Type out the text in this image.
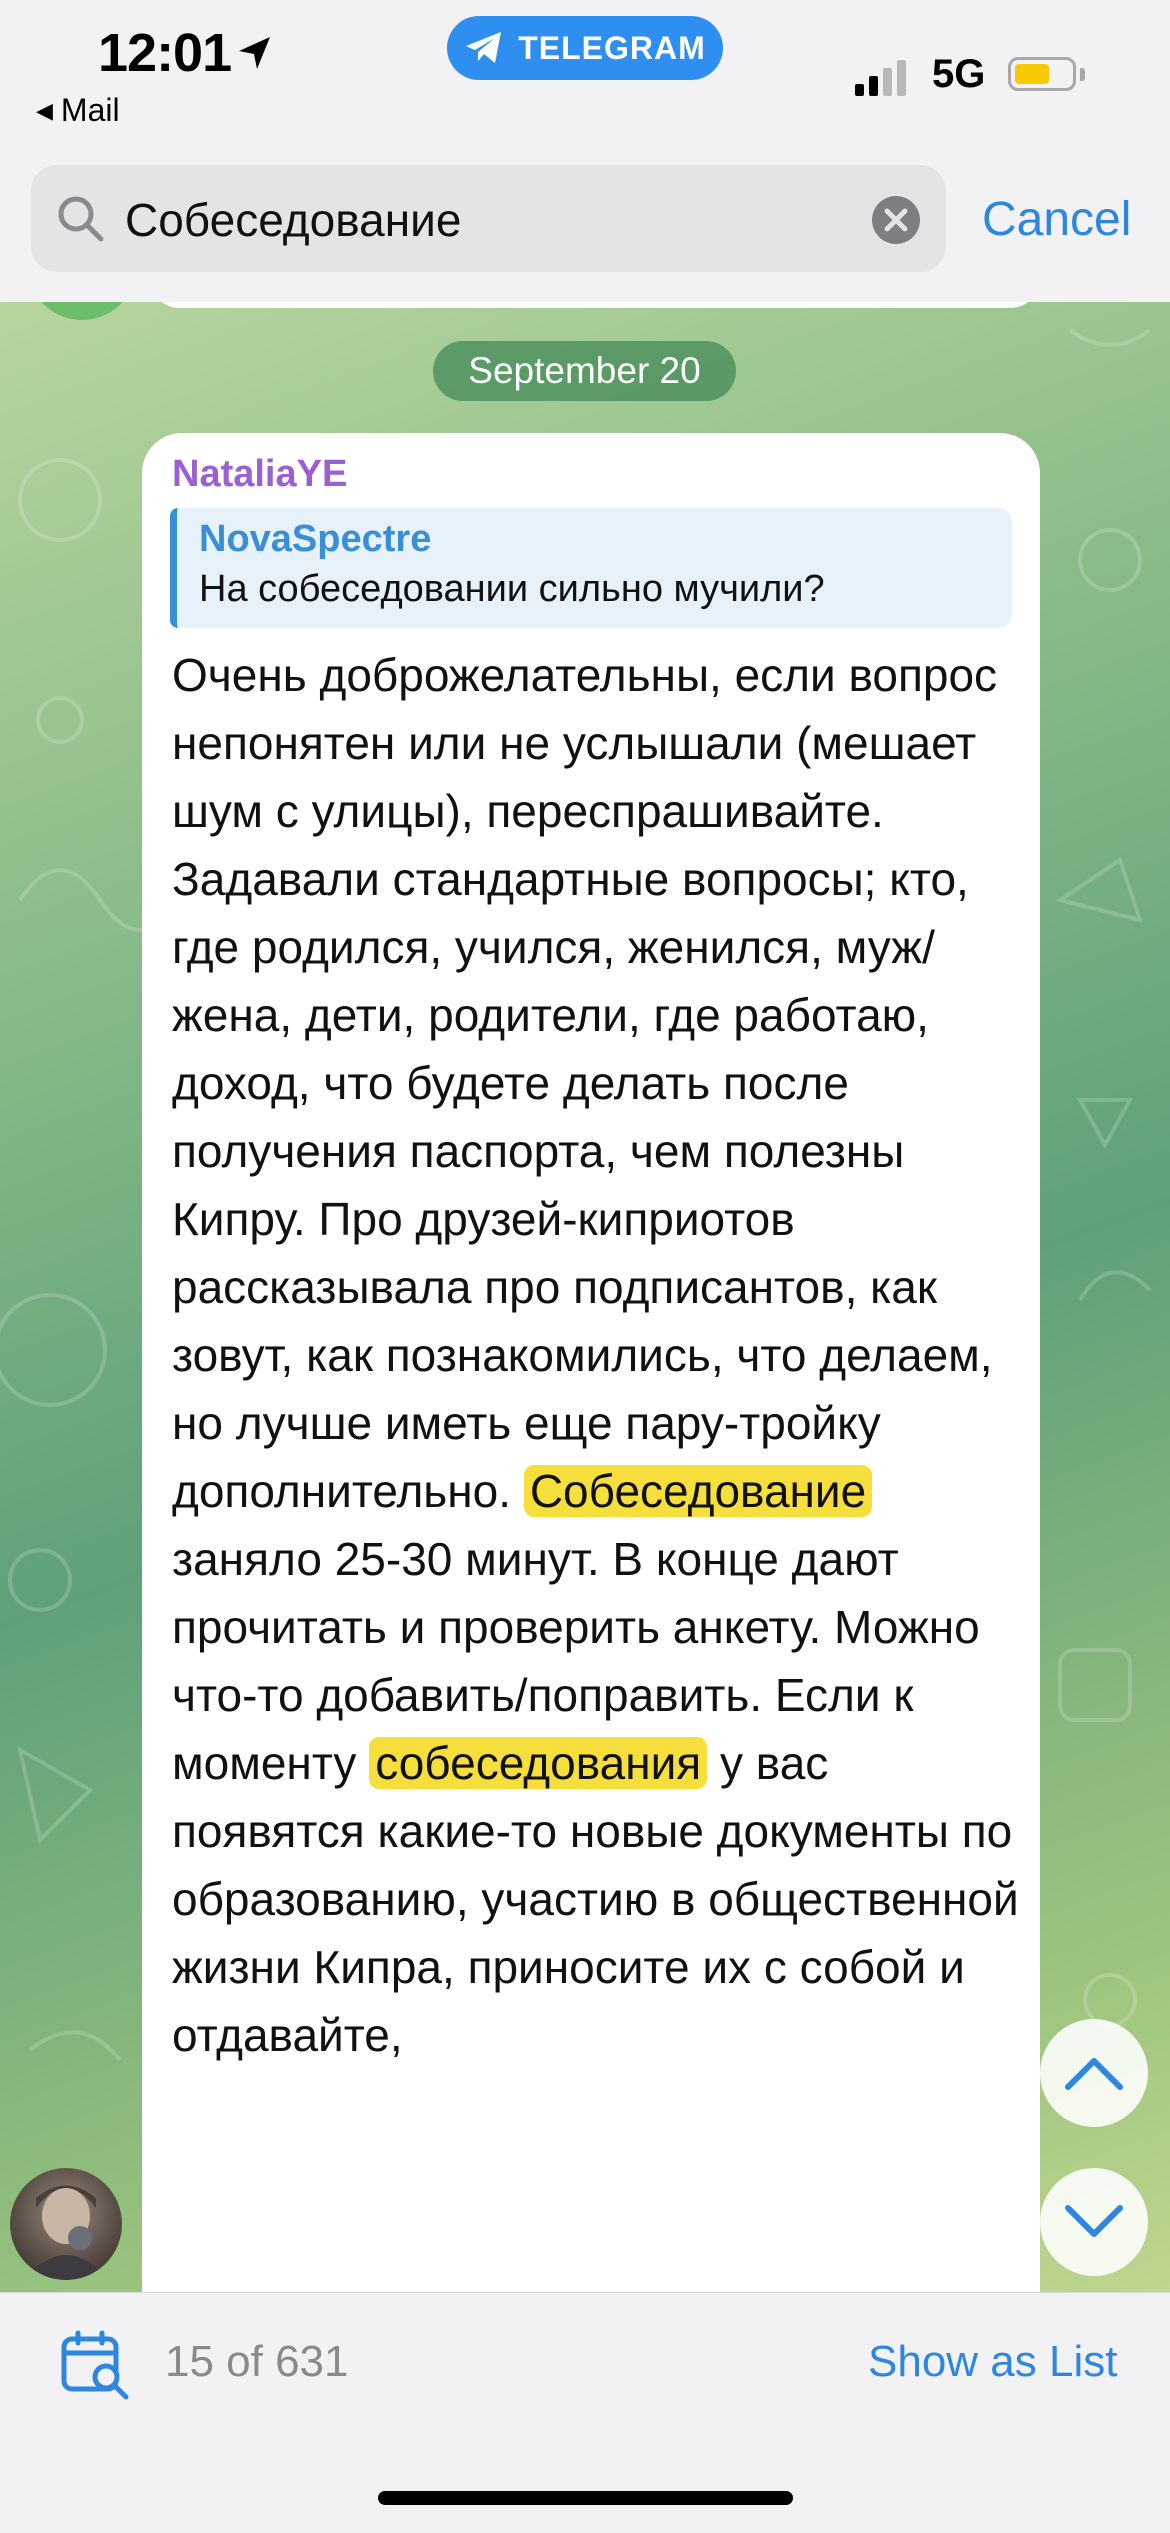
12:01
◀ Mail
TELEGRAM
5G
Собеседование	Cancel
September 20
NataliaYE
NovaSpectre
На собеседовании сильно мучили?
Очень доброжелательны, если вопрос непонятен или не услышали (мешает шум с улицы), переспрашивайте. Задавали стандартные вопросы; кто, где родился, учился, женился, муж/жена, дети, родители, где работаю, доход, что будете делать после получения паспорта, чем полезны Кипру. Про друзей-киприотов рассказывала про подписантов, как зовут, как познакомились, что делаем, но лучше иметь еще пару-тройку дополнительно. Собеседование заняло 25-30 минут. В конце дают прочитать и проверить анкету. Можно что-то добавить/поправить. Если к моменту собеседования у вас появятся какие-то новые документы по образованию, участию в общественной жизни Кипра, приносите их с собой и отдавайте,
15 of 631	Show as List
